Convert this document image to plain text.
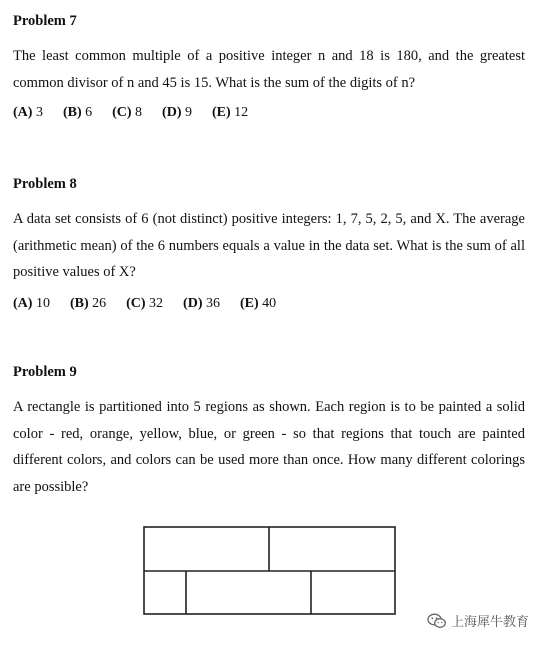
Problem 7
The least common multiple of a positive integer n and 18 is 180, and the greatest common divisor of n and 45 is 15. What is the sum of the digits of n?
(A) 3 (B) 6 (C) 8 (D) 9 (E) 12
Problem 8
A data set consists of 6 (not distinct) positive integers: 1, 7, 5, 2, 5, and X. The average (arithmetic mean) of the 6 numbers equals a value in the data set. What is the sum of all positive values of X?
(A) 10 (B) 26 (C) 32 (D) 36 (E) 40
Problem 9
A rectangle is partitioned into 5 regions as shown. Each region is to be painted a solid color - red, orange, yellow, blue, or green - so that regions that touch are painted different colors, and colors can be used more than once. How many different colorings are possible?
上海犀牛教育
